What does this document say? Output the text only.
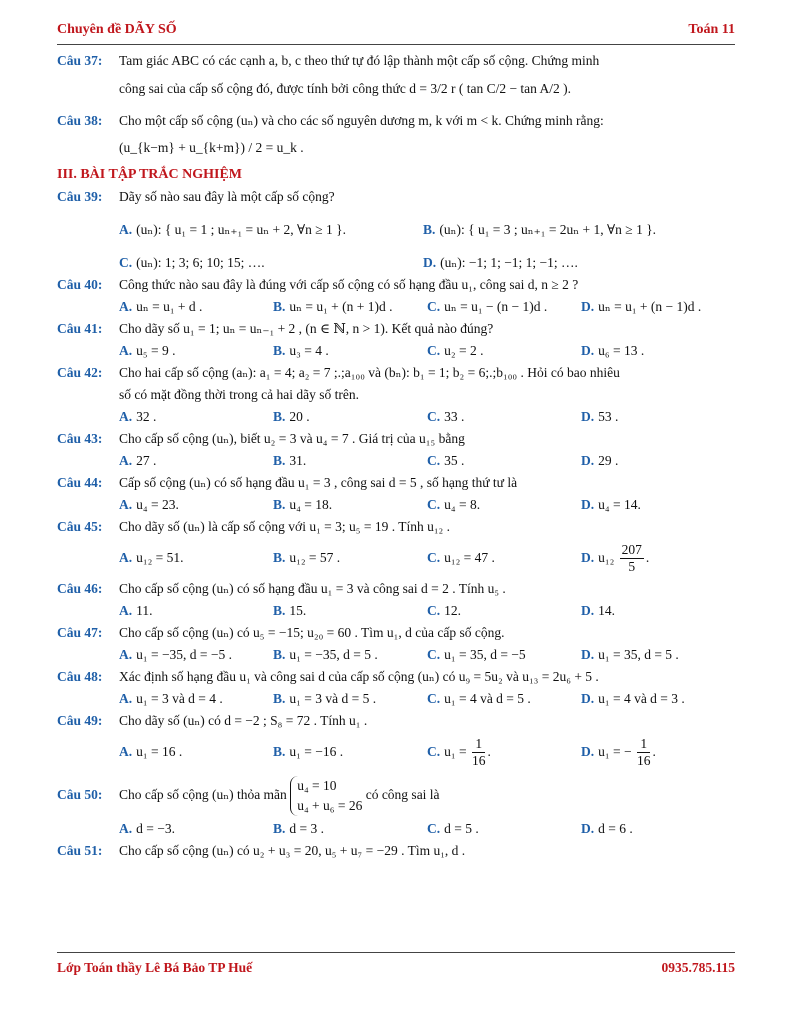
Chuyên đề DÃY SỐ	Toán 11
Câu 37:	Tam giác ABC có các cạnh a, b, c theo thứ tự đó lập thành một cấp số cộng. Chứng minh
công sai của cấp số cộng đó, được tính bởi công thức d = 3/2 r ( tan C/2 − tan A/2 ).
Câu 38:	Cho một cấp số cộng (uₙ) và cho các số nguyên dương m, k với m < k. Chứng minh rằng:
(u_{k−m} + u_{k+m}) / 2 = u_k .
III. BÀI TẬP TRẮC NGHIỆM
Câu 39:	Dãy số nào sau đây là một cấp số cộng?
A. (uₙ): { u₁ = 1 ; uₙ₊₁ = uₙ + 2, ∀n ≥ 1 }.	B. (uₙ): { u₁ = 3 ; uₙ₊₁ = 2uₙ + 1, ∀n ≥ 1 }.
C. (uₙ): 1; 3; 6; 10; 15; ….	D. (uₙ): −1; 1; −1; 1; −1; ….
Câu 40:	Công thức nào sau đây là đúng với cấp số cộng có số hạng đầu u₁, công sai d, n ≥ 2 ?
A. uₙ = u₁ + d .	B. uₙ = u₁ + (n + 1)d .	C. uₙ = u₁ − (n − 1)d .	D. uₙ = u₁ + (n − 1)d .
Câu 41:	Cho dãy số u₁ = 1; uₙ = uₙ₋₁ + 2 , (n ∈ ℕ, n > 1). Kết quả nào đúng?
A. u₅ = 9 .	B. u₃ = 4 .	C. u₂ = 2 .	D. u₆ = 13 .
Câu 42:	Cho hai cấp số cộng (aₙ): a₁ = 4; a₂ = 7 ;.;a₁₀₀ và (bₙ): b₁ = 1; b₂ = 6;.;b₁₀₀ . Hỏi có bao nhiêu
số có mặt đồng thời trong cả hai dãy số trên.
A. 32 .	B. 20 .	C. 33 .	D. 53 .
Câu 43:	Cho cấp số cộng (uₙ), biết u₂ = 3 và u₄ = 7 . Giá trị của u₁₅ bằng
A. 27 .	B. 31.	C. 35 .	D. 29 .
Câu 44:	Cấp số cộng (uₙ) có số hạng đầu u₁ = 3 , công sai d = 5 , số hạng thứ tư là
A. u₄ = 23.	B. u₄ = 18.	C. u₄ = 8.	D. u₄ = 14.
Câu 45:	Cho dãy số (uₙ) là cấp số cộng với u₁ = 3; u₅ = 19 . Tính u₁₂ .
A. u₁₂ = 51.	B. u₁₂ = 57 .	C. u₁₂ = 47 .	D. $u_{12} \frac{207}{5}$ .
Câu 46:	Cho cấp số cộng (uₙ) có số hạng đầu u₁ = 3 và công sai d = 2 . Tính u₅ .
A. 11.	B. 15.	C. 12.	D. 14.
Câu 47:	Cho cấp số cộng (uₙ) có u₅ = −15; u₂₀ = 60 . Tìm u₁, d của cấp số cộng.
A. u₁ = −35, d = −5 .	B. u₁ = −35, d = 5 .	C. u₁ = 35, d = −5	D. u₁ = 35, d = 5 .
Câu 48:	Xác định số hạng đầu u₁ và công sai d của cấp số cộng (uₙ) có u₉ = 5u₂ và u₁₃ = 2u₆ + 5 .
A. u₁ = 3 và d = 4 .	B. u₁ = 3 và d = 5 .	C. u₁ = 4 và d = 5 .	D. u₁ = 4 và d = 3 .
Câu 49:	Cho dãy số (uₙ) có d = −2 ; S₈ = 72 . Tính u₁ .
A. u₁ = 16 .	B. u₁ = −16 .	C. $u_1 = \frac{1}{16}$ .	D. u₁ = − $\frac{1}{16}$ .
Câu 50:	Cho cấp số cộng (uₙ) thỏa mãn u₄ = 10
u₄ + u₆ = 26 có công sai là
A. d = −3.	B. d = 3 .	C. d = 5 .	D. d = 6 .
Câu 51:	Cho cấp số cộng (uₙ) có u₂ + u₃ = 20, u₅ + u₇ = −29 . Tìm u₁, d .
Lớp Toán thầy Lê Bá Bảo TP Huế	0935.785.115
